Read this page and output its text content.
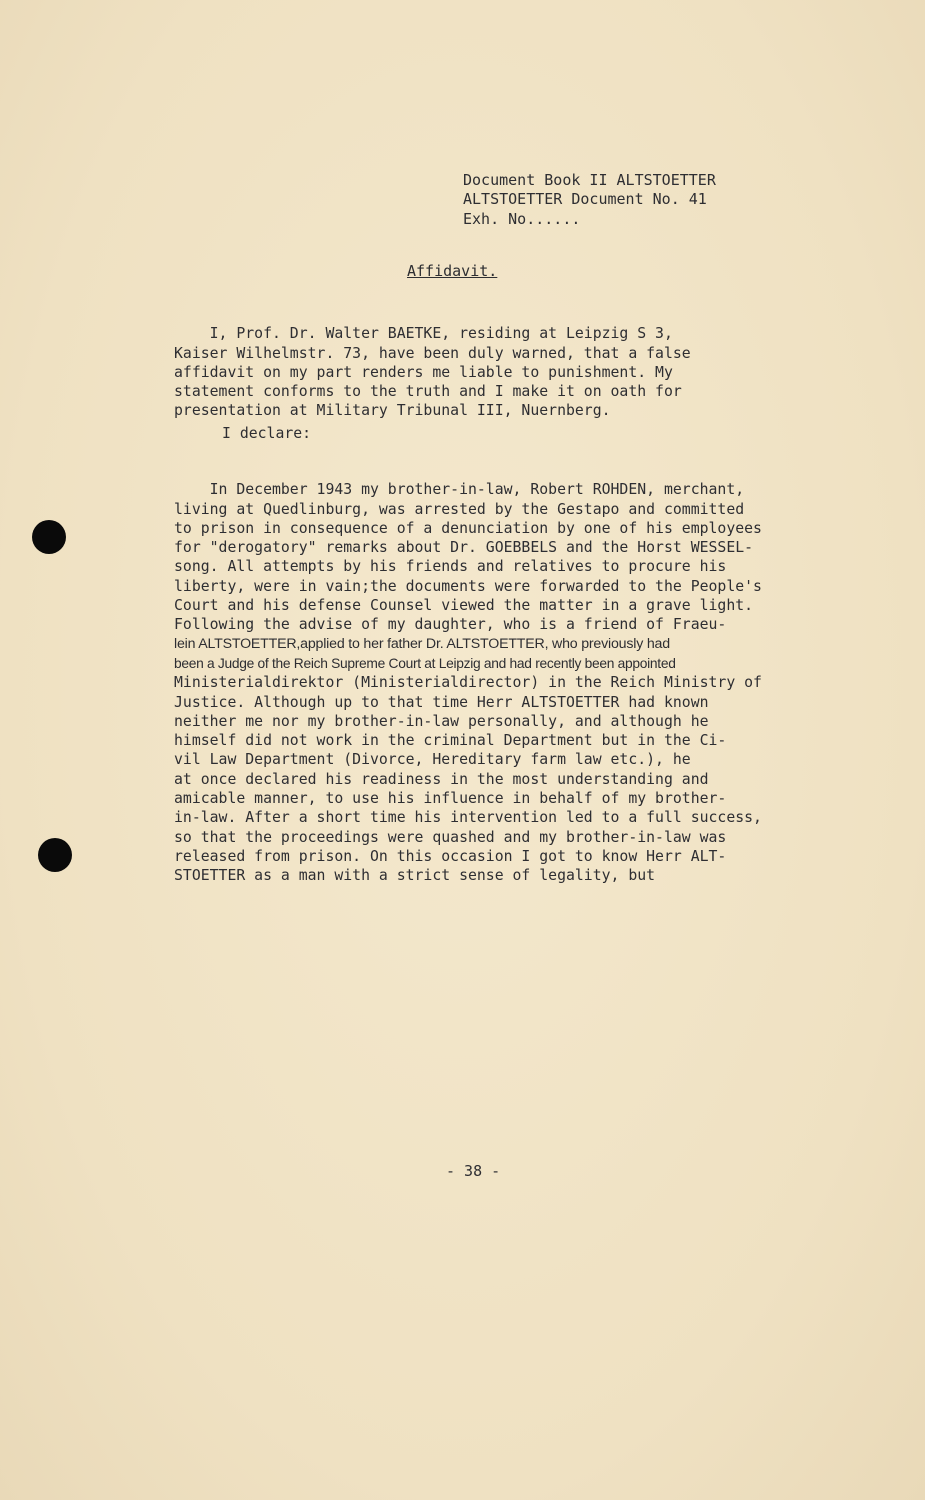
Document Book II ALTSTOETTER
ALTSTOETTER Document No. 41
Exh. No......
Affidavit.

I, Prof. Dr. Walter BAETKE, residing at Leipzig S 3,
Kaiser Wilhelmstr. 73, have been duly warned, that a false
affidavit on my part renders me liable to punishment. My
statement conforms to the truth and I make it on oath for
presentation at Military Tribunal III, Nuernberg.

I declare:

In December 1943 my brother-in-law, Robert ROHDEN, merchant,
living at Quedlinburg, was arrested by the Gestapo and committed
to prison in consequence of a denunciation by one of his employees
for "derogatory" remarks about Dr. GOEBBELS and the Horst WESSEL-
song. All attempts by his friends and relatives to procure his
liberty, were in vain;the documents were forwarded to the People's
Court and his defense Counsel viewed the matter in a grave light.
Following the advise of my daughter, who is a friend of Fraeu-
lein ALTSTOETTER,applied to her father Dr. ALTSTOETTER, who previously had
been a Judge of the Reich Supreme Court at Leipzig and had recently been appointed
Ministerialdirektor (Ministerialdirector) in the Reich Ministry of
Justice. Although up to that time Herr ALTSTOETTER had known
neither me nor my brother-in-law personally, and although he
himself did not work in the criminal Department but in the Ci-
vil Law Department (Divorce, Hereditary farm law etc.), he
at once declared his readiness in the most understanding and
amicable manner, to use his influence in behalf of my brother-
in-law. After a short time his intervention led to a full success,
so that the proceedings were quashed and my brother-in-law was
released from prison. On this occasion I got to know Herr ALT-
STOETTER as a man with a strict sense of legality, but

- 38 -
